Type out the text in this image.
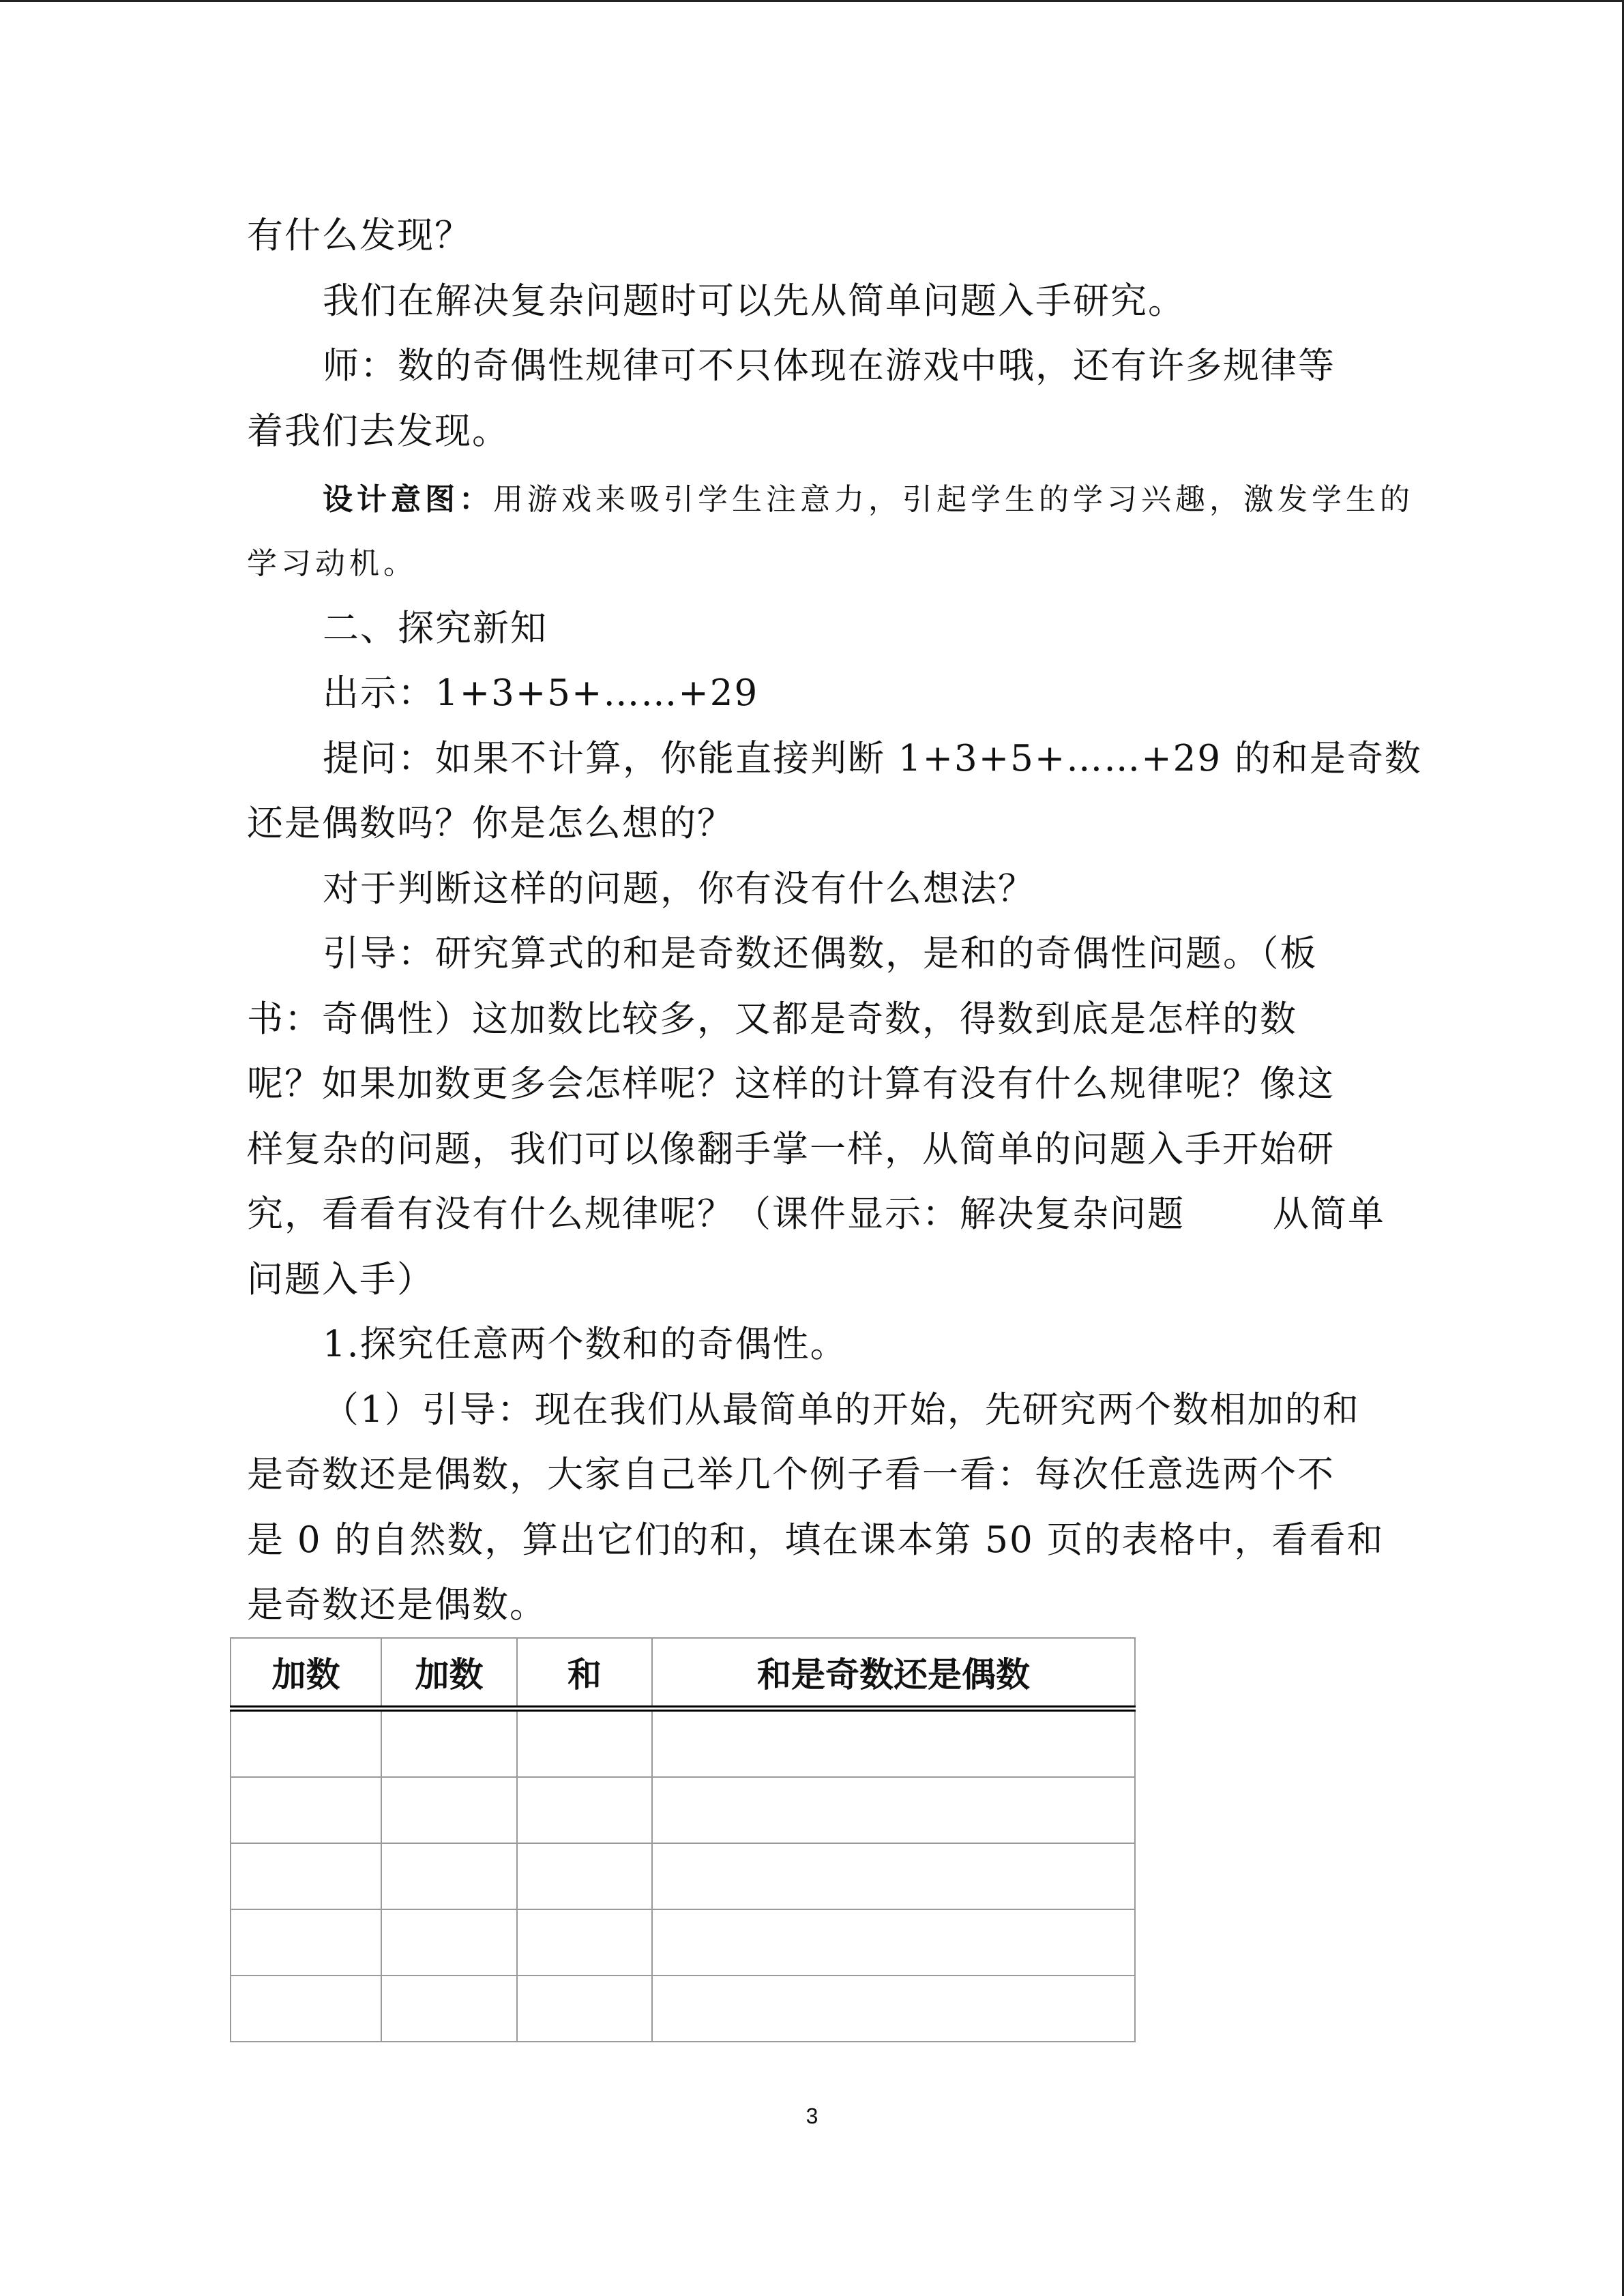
有什么发现？
我们在解决复杂问题时可以先从简单问题入手研究。
师：数的奇偶性规律可不只体现在游戏中哦，还有许多规律等
着我们去发现。
设计意图：用游戏来吸引学生注意力，引起学生的学习兴趣，激发学生的
学习动机。
二、探究新知
出示：1+3+5+……+29
提问：如果不计算，你能直接判断 1+3+5+……+29 的和是奇数
还是偶数吗？你是怎么想的？
对于判断这样的问题，你有没有什么想法？
引导：研究算式的和是奇数还偶数，是和的奇偶性问题。（板
书：奇偶性）这加数比较多，又都是奇数，得数到底是怎样的数
呢？如果加数更多会怎样呢？这样的计算有没有什么规律呢？像这
样复杂的问题，我们可以像翻手掌一样，从简单的问题入手开始研
究，看看有没有什么规律呢？（课件显示：解决复杂问题 　　从简单
问题入手）
1.探究任意两个数和的奇偶性。
（1）引导：现在我们从最简单的开始，先研究两个数相加的和
是奇数还是偶数，大家自己举几个例子看一看：每次任意选两个不
是 0 的自然数，算出它们的和，填在课本第 50 页的表格中，看看和
是奇数还是偶数。
加数	加数	和	和是奇数还是偶数

3
